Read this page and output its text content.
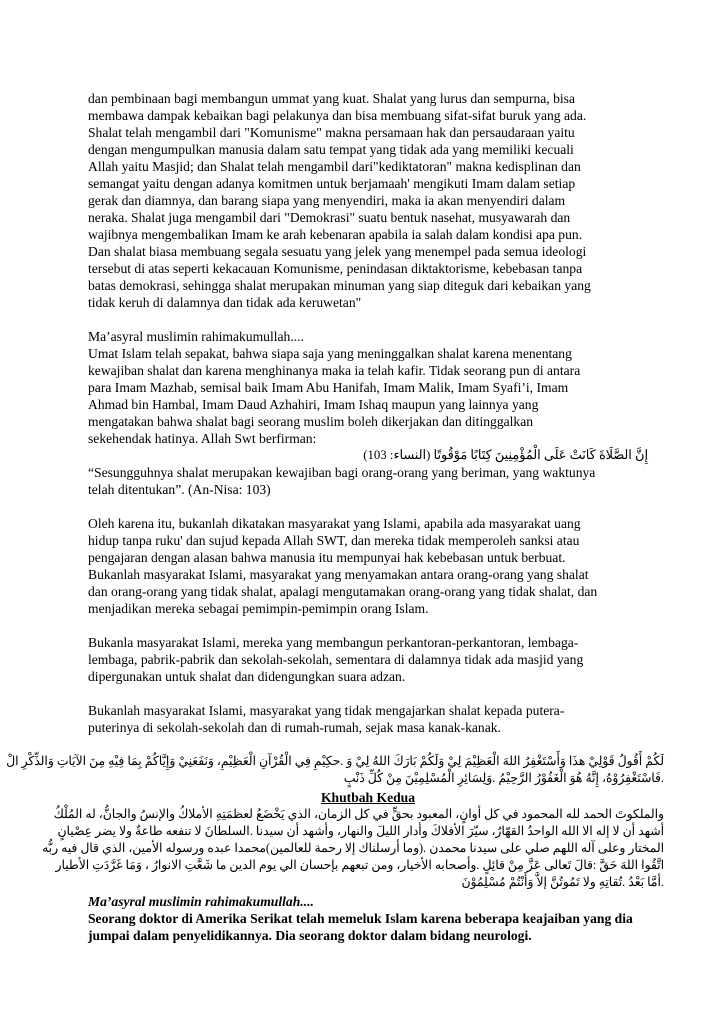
dan pembinaan bagi membangun ummat yang kuat. Shalat yang lurus dan sempurna, bisa
membawa dampak kebaikan bagi pelakunya dan bisa membuang sifat-sifat buruk yang ada.
Shalat telah mengambil dari "Komunisme" makna persamaan hak dan persaudaraan yaitu
dengan mengumpulkan manusia dalam satu tempat yang tidak ada yang memiliki kecuali
Allah yaitu Masjid; dan Shalat telah mengambil dari"kediktatoran" makna kedisplinan dan
semangat yaitu dengan adanya komitmen untuk berjamaah' mengikuti Imam dalam setiap
gerak dan diamnya, dan barang siapa yang menyendiri, maka ia akan menyendiri dalam
neraka. Shalat juga mengambil dari "Demokrasi" suatu bentuk nasehat, musyawarah dan
wajibnya mengembalikan Imam ke arah kebenaran apabila ia salah dalam kondisi apa pun.
Dan shalat biasa membuang segala sesuatu yang jelek yang menempel pada semua ideologi
tersebut di atas seperti kekacauan Komunisme, penindasan diktaktorisme, kebebasan tanpa
batas demokrasi, sehingga shalat merupakan minuman yang siap diteguk dari kebaikan yang
tidak keruh di dalamnya dan tidak ada keruwetan"
Ma’asyral muslimin rahimakumullah....
Umat Islam telah sepakat, bahwa siapa saja yang meninggalkan shalat karena menentang
kewajiban shalat dan karena menghinanya maka ia telah kafir. Tidak seorang pun di antara
para Imam Mazhab, semisal baik Imam Abu Hanifah, Imam Malik, Imam Syafi’i, Imam
Ahmad bin Hambal, Imam Daud Azhahiri, Imam Ishaq maupun yang lainnya yang
mengatakan bahwa shalat bagi seorang muslim boleh dikerjakan dan ditinggalkan
sekehendak hatinya. Allah Swt berfirman:
إِنَّ الصَّلَاةَ كَانَتْ عَلَى الْمُؤْمِنِينَ كِتَابًا مَوْقُوتًا (النساء: 103)
“Sesungguhnya shalat merupakan kewajiban bagi orang-orang yang beriman, yang waktunya
telah ditentukan”. (An-Nisa: 103)
Oleh karena itu, bukanlah dikatakan masyarakat yang Islami, apabila ada masyarakat uang
hidup tanpa ruku' dan sujud kepada Allah SWT, dan mereka tidak memperoleh sanksi atau
pengajaran dengan alasan bahwa manusia itu mempunyai hak kebebasan untuk berbuat.
Bukanlah masyarakat Islami, masyarakat yang menyamakan antara orang-orang yang shalat
dan orang-orang yang tidak shalat, apalagi mengutamakan orang-orang yang tidak shalat, dan
menjadikan mereka sebagai pemimpin-pemimpin orang Islam.
Bukanla masyarakat Islami, mereka yang membangun perkantoran-perkantoran, lembaga-
lembaga, pabrik-pabrik dan sekolah-sekolah, sementara di dalamnya tidak ada masjid yang
dipergunakan untuk shalat dan didengungkan suara adzan.
Bukanlah masyarakat Islami, masyarakat yang tidak mengajarkan shalat kepada putera-
puterinya di sekolah-sekolah dan di rumah-rumah, sejak masa kanak-kanak.
لَكُمْ أَقُولُ قَوْلِيْ هذَا وَأَسْتَغْفِرُ اللهَ الْعَظِيْمَ لِيْ وَلَكُمْ بَارَكَ اللهُ لِيْ وَ .حكِيْمِ فِي الْقُرْآنِ الْعَظِيْمِ، وَنَفَعَنِيْ وَإِيَّاكُمْ بِمَا فِيْهِ مِنَ الآيَاتِ وَالذِّكْرِ الْ
.فَاسْتَغْفِرُوْهُ، إِنَّهُ هُوَ الْغَفُوْرُ الرَّحِيْمُ .وَلِسَائِرِ الْمُسْلِمِيْنَ مِنْ كُلِّ ذَنْبٍ
Khutbah Kedua
والملكوتَ الحمد لله المحمود في كل أوانٍ، المعبود بحقٍّ في كل الزمان، الذي يَخْضَعُ لعظمَتِهِ الأملاكُ والإنسُ والجانُّ، له المُلْكُ
أشهد أن لا إله الا الله الواحدُ القهّارُ، سيّرَ الأفلاكَ وأدار الليلَ والنهار، وأشهد أن سيدنا .السلطانَ لا تنفعه طاعةٌ ولا يضر عِصْيانٍ
المختار وعلى آله اللهم صلي على سيدنا محمدن .(وما أرسلناك إلا رحمة للعالمين)محمدا عبده ورسوله الأمين، الذي قال فيه ربُّه
اتَّقُوا اللهَ حَقَّ :قالَ تَعالى عَزَّ مِنْ قائِلٍ .وأصحابه الأخيار، ومن تبعهم بإحسان الي يوم الدين ما شَعَّتِ الانوارُ ، وَمَا غَرَّدَتِ الأطيار
.أمَّا بَعْدُ .تُقاتِهِ ولا تَمُوتُنَّ إلاَّ وَأَنْتُمْ مُسْلِمُوْنَ
Ma’asyral muslimin rahimakumullah....
Seorang doktor di Amerika Serikat telah memeluk Islam karena beberapa keajaiban yang dia
jumpai dalam penyelidikannya. Dia seorang doktor dalam bidang neurologi.
